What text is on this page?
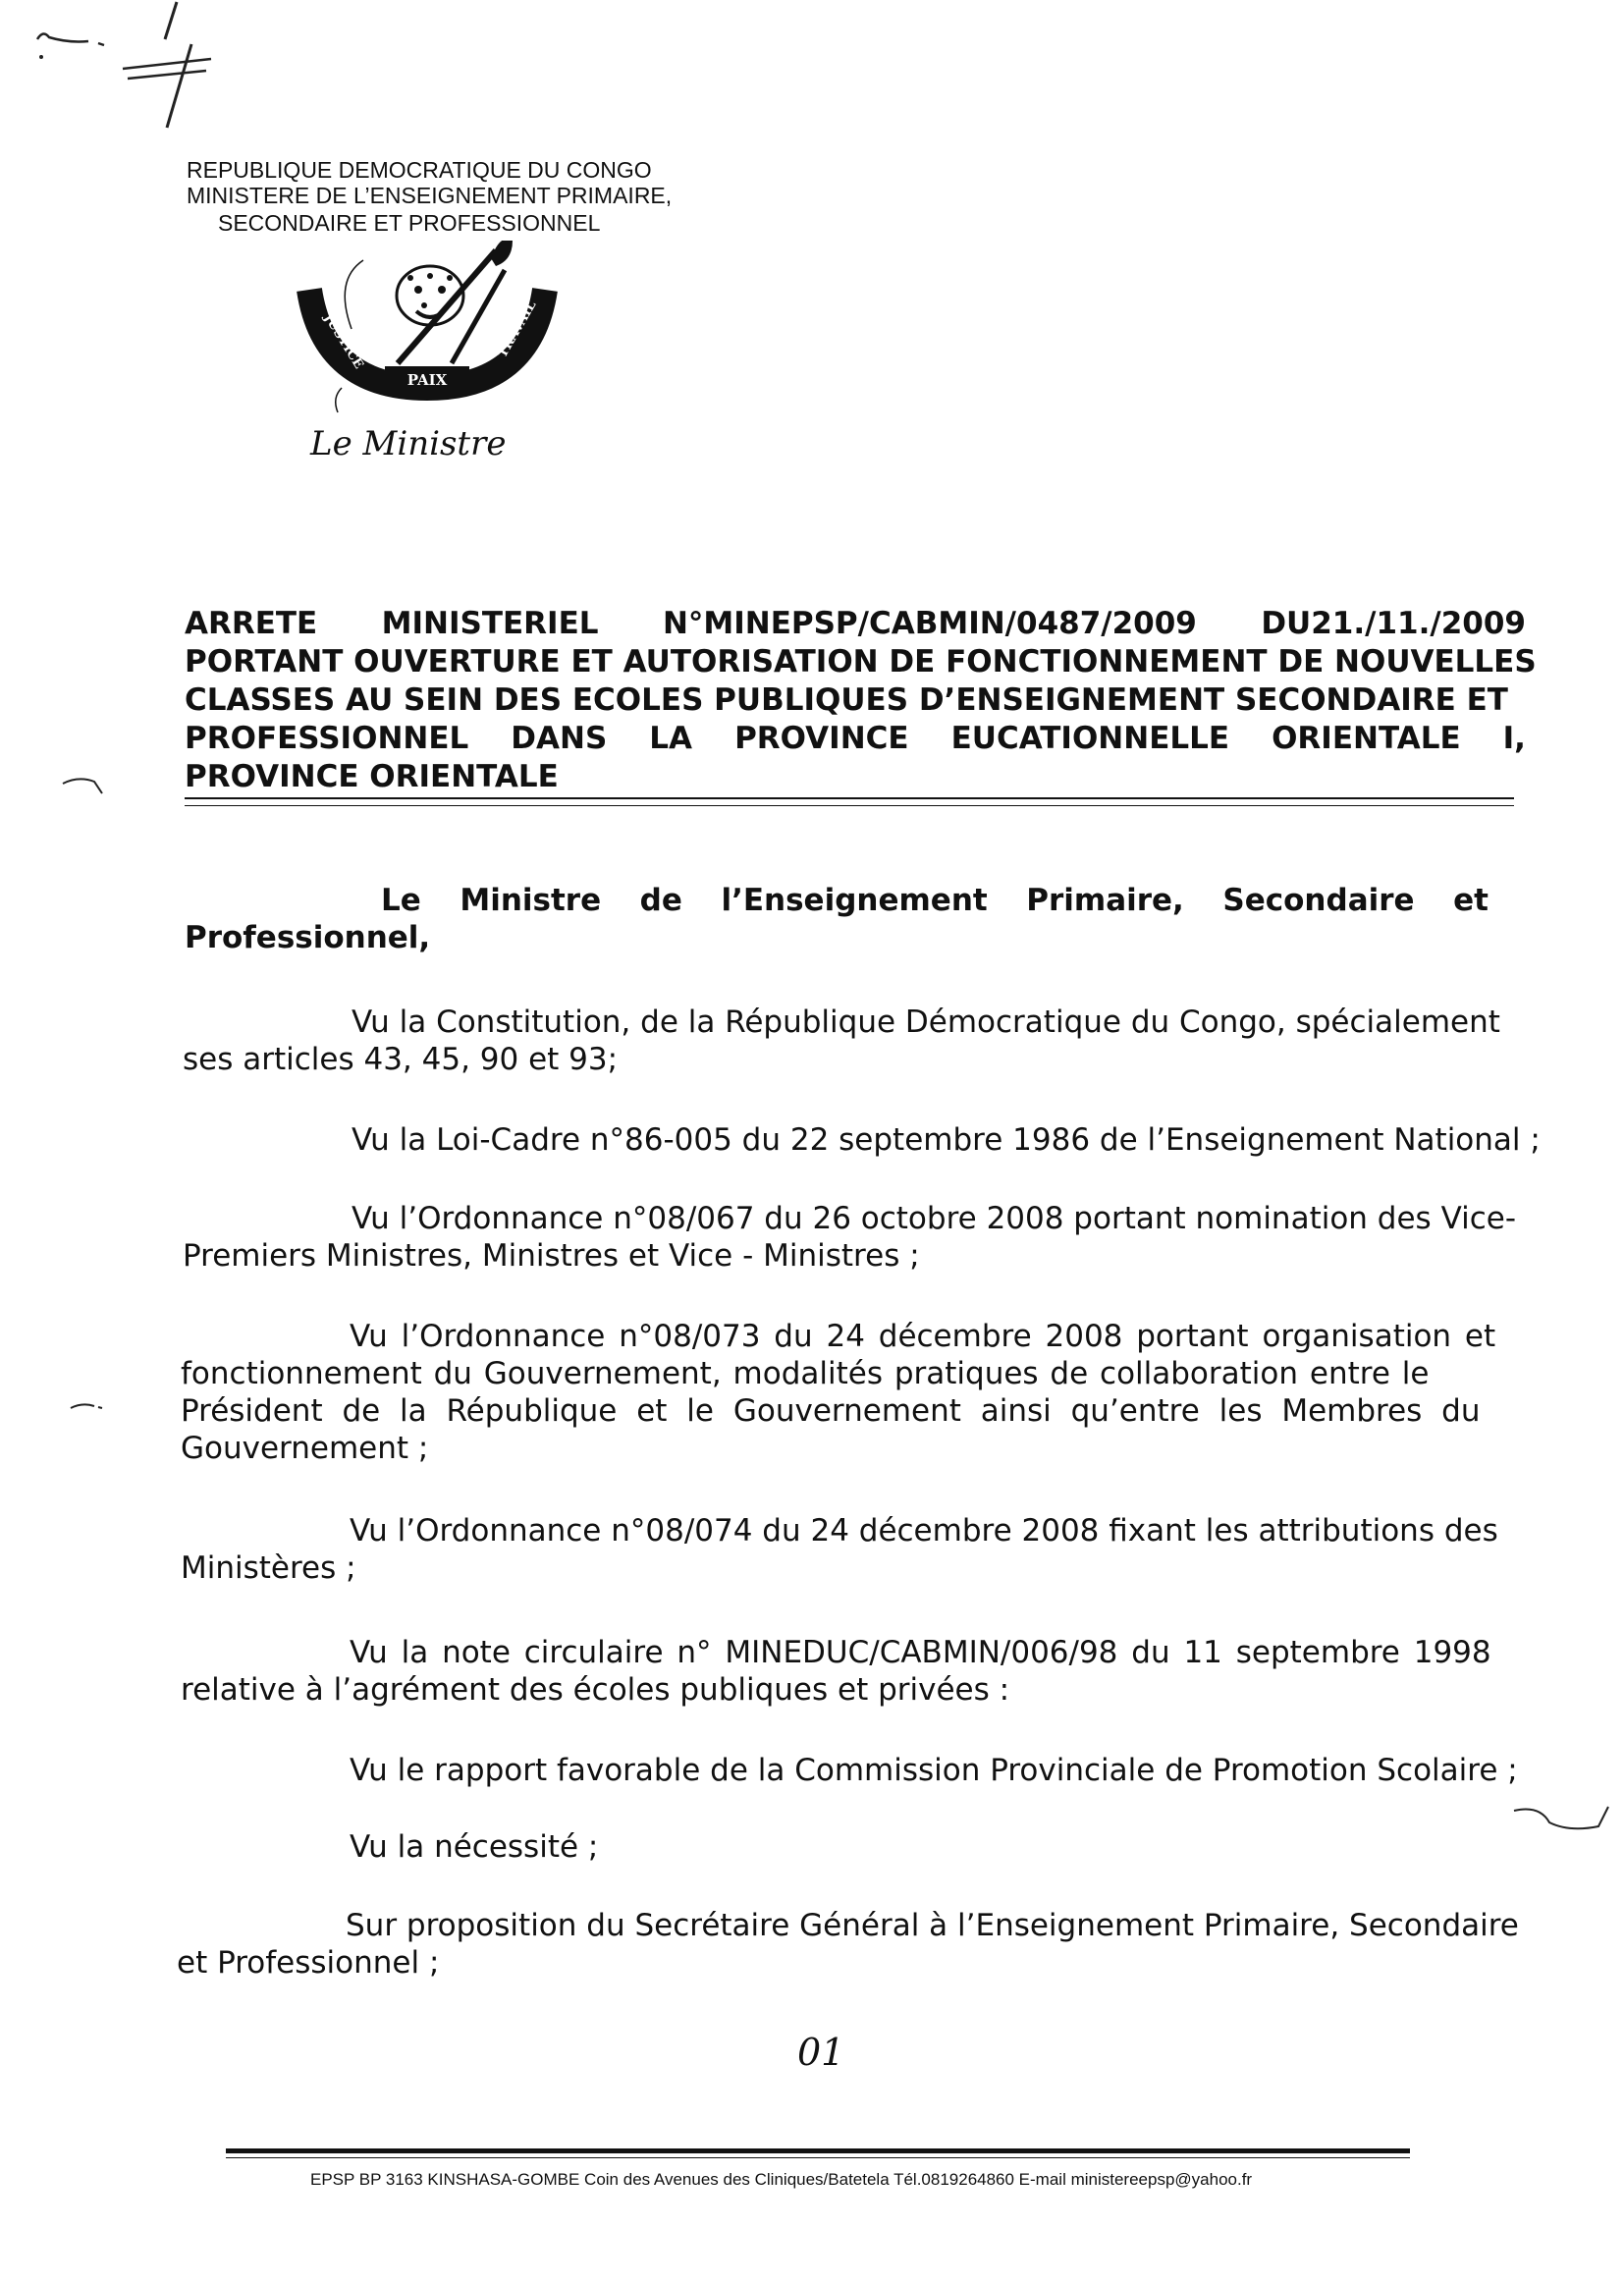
REPUBLIQUE DEMOCRATIQUE DU CONGO
MINISTERE DE L’ENSEIGNEMENT PRIMAIRE,
SECONDAIRE ET PROFESSIONNEL
PAIX
JUSTICE	TRAVAIL
Le Ministre
ARRETE MINISTERIEL N°MINEPSP/CABMIN/0487/2009 DU21./11./2009
PORTANT OUVERTURE ET AUTORISATION DE FONCTIONNEMENT DE NOUVELLES
CLASSES AU SEIN DES ECOLES PUBLIQUES D’ENSEIGNEMENT SECONDAIRE ET
PROFESSIONNEL DANS LA PROVINCE EUCATIONNELLE ORIENTALE I,
PROVINCE ORIENTALE
Le Ministre de l’Enseignement Primaire, Secondaire et
Professionnel,
Vu la Constitution, de la République Démocratique du Congo, spécialement
ses articles 43, 45, 90 et 93;
Vu la Loi-Cadre n°86-005 du 22 septembre 1986 de l’Enseignement National ;
Vu l’Ordonnance n°08/067 du 26 octobre 2008 portant nomination des Vice-
Premiers Ministres, Ministres et Vice - Ministres ;
Vu l’Ordonnance n°08/073 du 24 décembre 2008 portant organisation et
fonctionnement du Gouvernement, modalités pratiques de collaboration entre le
Président de la République et le Gouvernement ainsi qu’entre les Membres du
Gouvernement ;
Vu l’Ordonnance n°08/074 du 24 décembre 2008 fixant les attributions des
Ministères ;
Vu la note circulaire n° MINEDUC/CABMIN/006/98 du 11 septembre 1998
relative à l’agrément des écoles publiques et privées :
Vu le rapport favorable de la Commission Provinciale de Promotion Scolaire ;
Vu la nécessité ;
Sur proposition du Secrétaire Général à l’Enseignement Primaire, Secondaire
et Professionnel ;
01
EPSP BP 3163 KINSHASA-GOMBE Coin des Avenues des Cliniques/Batetela Tél.0819264860 E-mail ministereepsp@yahoo.fr
